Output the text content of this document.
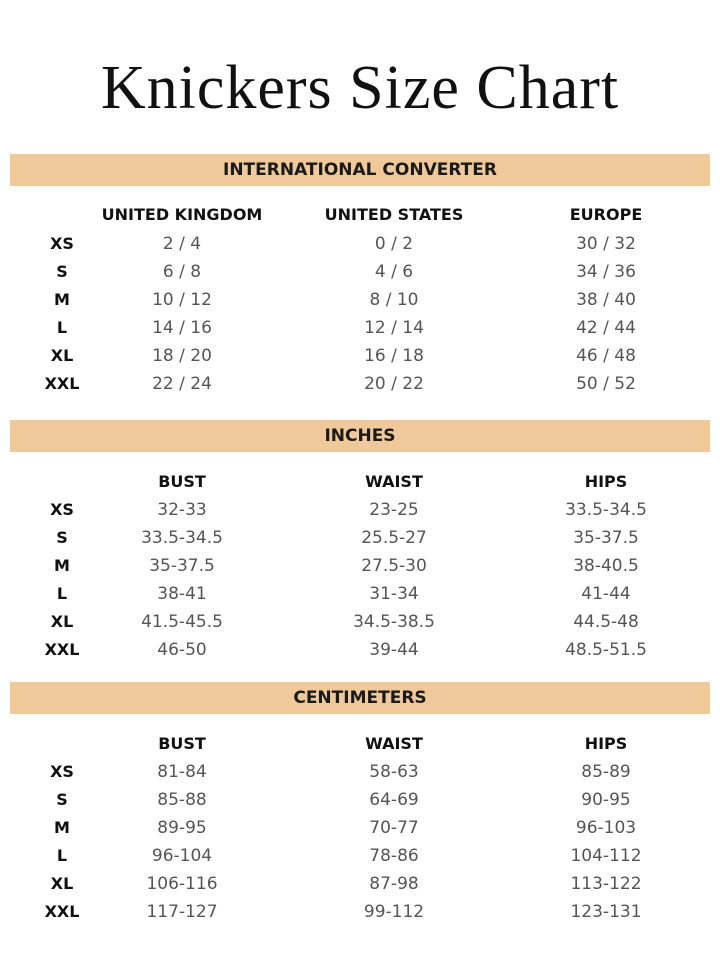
Knickers Size Chart
INTERNATIONAL CONVERTER
UNITED KINGDOM	UNITED STATES	EUROPE
XS	2 / 4	0 / 2	30 / 32
S	6 / 8	4 / 6	34 / 36
M	10 / 12	8 / 10	38 / 40
L	14 / 16	12 / 14	42 / 44
XL	18 / 20	16 / 18	46 / 48
XXL	22 / 24	20 / 22	50 / 52
INCHES
BUST	WAIST	HIPS
XS	32-33	23-25	33.5-34.5
S	33.5-34.5	25.5-27	35-37.5
M	35-37.5	27.5-30	38-40.5
L	38-41	31-34	41-44
XL	41.5-45.5	34.5-38.5	44.5-48
XXL	46-50	39-44	48.5-51.5
CENTIMETERS
BUST	WAIST	HIPS
XS	81-84	58-63	85-89
S	85-88	64-69	90-95
M	89-95	70-77	96-103
L	96-104	78-86	104-112
XL	106-116	87-98	113-122
XXL	117-127	99-112	123-131
